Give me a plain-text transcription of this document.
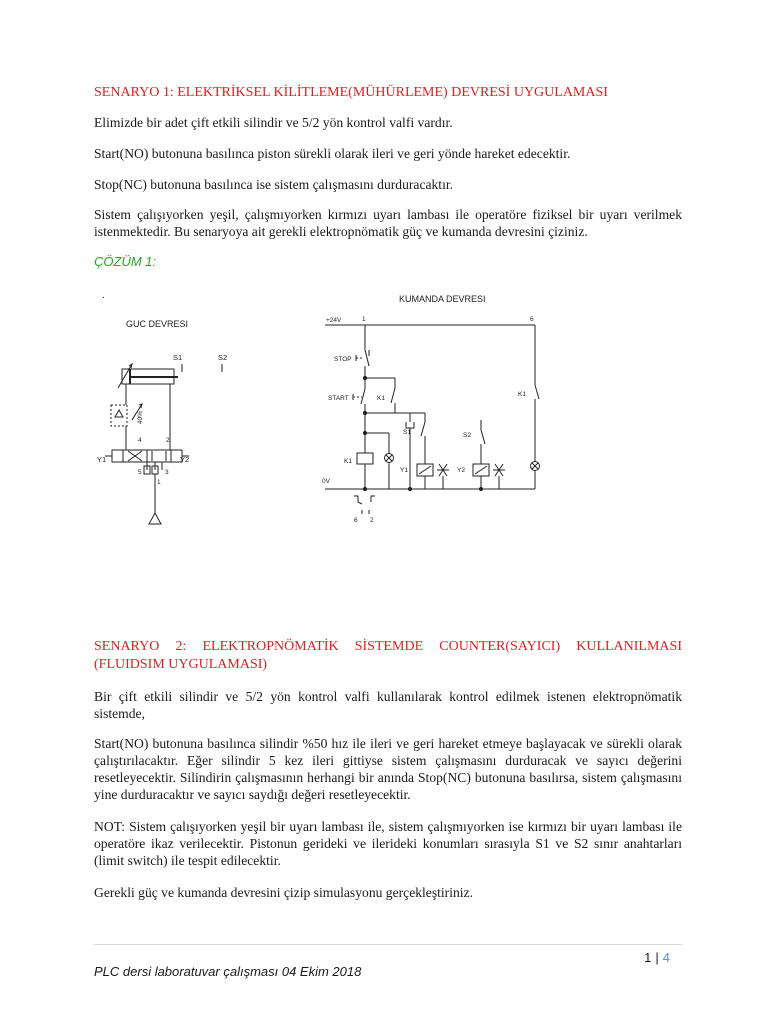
SENARYO 1: ELEKTRİKSEL KİLİTLEME(MÜHÜRLEME) DEVRESİ UYGULAMASI
Elimizde bir adet çift etkili silindir ve 5/2 yön kontrol valfi vardır.
Start(NO) butonuna basılınca piston sürekli olarak ileri ve geri yönde hareket edecektir.
Stop(NC) butonuna basılınca ise sistem çalışmasını durduracaktır.
Sistem çalışıyorken yeşil, çalışmıyorken kırmızı uyarı lambası ile operatöre fiziksel bir uyarı verilmek istenmektedir. Bu senaryoya ait gerekli elektropnömatik güç ve kumanda devresini çiziniz.
ÇÖZÜM 1:
.
GUC DEVRESI
S1	S2
40%
Y1	Y2
4	2
5	3
1
KUMANDA DEVRESI
+24V	1	6
0V
STOP
START	K1
K1
S1
Y1
S2
Y2
K1
6 2
SENARYO 2: ELEKTROPNÖMATİK SİSTEMDE COUNTER(SAYICI) KULLANILMASI (FLUIDSIM UYGULAMASI)
Bir çift etkili silindir ve 5/2 yön kontrol valfi kullanılarak kontrol edilmek istenen elektropnömatik sistemde,
Start(NO) butonuna basılınca silindir %50 hız ile ileri ve geri hareket etmeye başlayacak ve sürekli olarak çalıştırılacaktır. Eğer silindir 5 kez ileri gittiyse sistem çalışmasını durduracak ve sayıcı değerini resetleyecektir. Silindirin çalışmasının herhangi bir anında Stop(NC) butonuna basılırsa, sistem çalışmasını yine durduracaktır ve sayıcı saydığı değeri resetleyecektir.
NOT: Sistem çalışıyorken yeşil bir uyarı lambası ile, sistem çalışmıyorken ise kırmızı bir uyarı lambası ile operatöre ikaz verilecektir. Pistonun gerideki ve ilerideki konumları sırasıyla S1 ve S2 sınır anahtarları (limit switch) ile tespit edilecektir.
Gerekli güç ve kumanda devresini çizip simulasyonu gerçekleştiriniz.
1 | 4
PLC dersi laboratuvar çalışması 04 Ekim 2018
